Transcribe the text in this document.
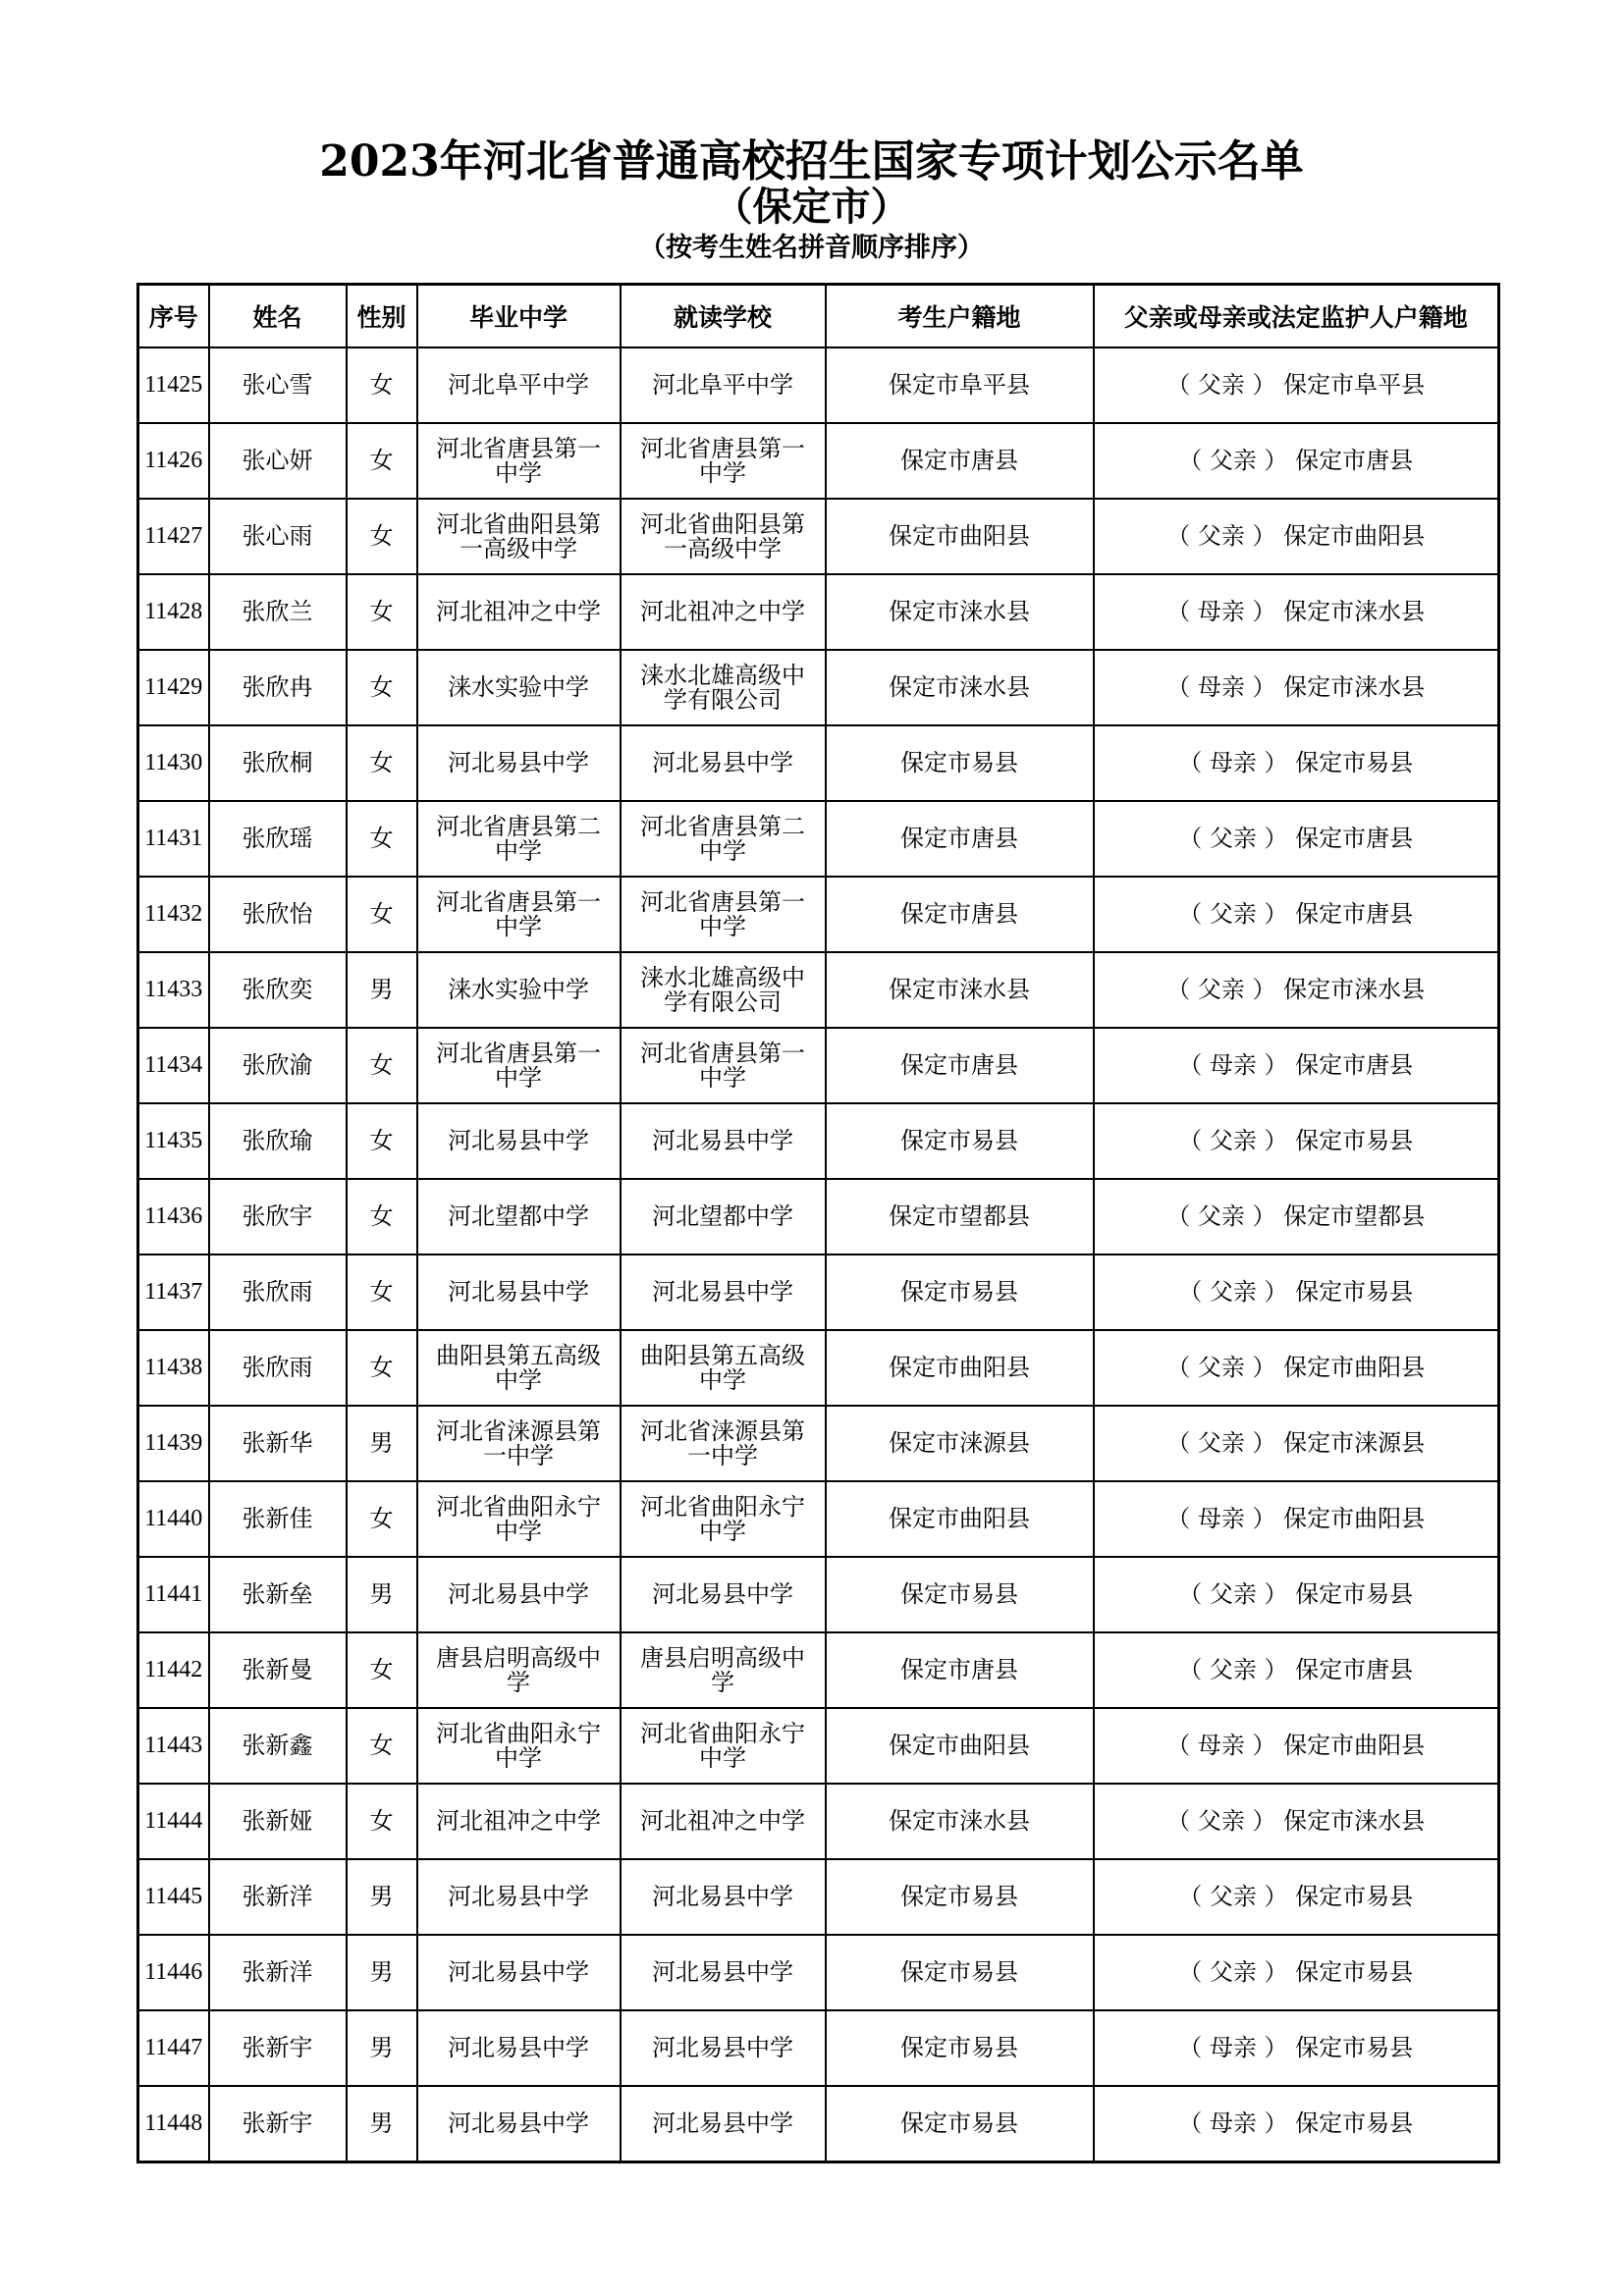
2023年河北省普通高校招生国家专项计划公示名单
（保定市）
（按考生姓名拼音顺序排序）
序号	姓名	性别	毕业中学	就读学校	考生户籍地	父亲或母亲或法定监护人户籍地
11425	张心雪	女	河北阜平中学	河北阜平中学	保定市阜平县	（ 父亲 ） 保定市阜平县
11426	张心妍	女	河北省唐县第一中学	河北省唐县第一中学	保定市唐县	（ 父亲 ） 保定市唐县
11427	张心雨	女	河北省曲阳县第一高级中学	河北省曲阳县第一高级中学	保定市曲阳县	（ 父亲 ） 保定市曲阳县
11428	张欣兰	女	河北祖冲之中学	河北祖冲之中学	保定市涞水县	（ 母亲 ） 保定市涞水县
11429	张欣冉	女	涞水实验中学	涞水北雄高级中学有限公司	保定市涞水县	（ 母亲 ） 保定市涞水县
11430	张欣桐	女	河北易县中学	河北易县中学	保定市易县	（ 母亲 ） 保定市易县
11431	张欣瑶	女	河北省唐县第二中学	河北省唐县第二中学	保定市唐县	（ 父亲 ） 保定市唐县
11432	张欣怡	女	河北省唐县第一中学	河北省唐县第一中学	保定市唐县	（ 父亲 ） 保定市唐县
11433	张欣奕	男	涞水实验中学	涞水北雄高级中学有限公司	保定市涞水县	（ 父亲 ） 保定市涞水县
11434	张欣渝	女	河北省唐县第一中学	河北省唐县第一中学	保定市唐县	（ 母亲 ） 保定市唐县
11435	张欣瑜	女	河北易县中学	河北易县中学	保定市易县	（ 父亲 ） 保定市易县
11436	张欣宇	女	河北望都中学	河北望都中学	保定市望都县	（ 父亲 ） 保定市望都县
11437	张欣雨	女	河北易县中学	河北易县中学	保定市易县	（ 父亲 ） 保定市易县
11438	张欣雨	女	曲阳县第五高级中学	曲阳县第五高级中学	保定市曲阳县	（ 父亲 ） 保定市曲阳县
11439	张新华	男	河北省涞源县第一中学	河北省涞源县第一中学	保定市涞源县	（ 父亲 ） 保定市涞源县
11440	张新佳	女	河北省曲阳永宁中学	河北省曲阳永宁中学	保定市曲阳县	（ 母亲 ） 保定市曲阳县
11441	张新垒	男	河北易县中学	河北易县中学	保定市易县	（ 父亲 ） 保定市易县
11442	张新曼	女	唐县启明高级中学	唐县启明高级中学	保定市唐县	（ 父亲 ） 保定市唐县
11443	张新鑫	女	河北省曲阳永宁中学	河北省曲阳永宁中学	保定市曲阳县	（ 母亲 ） 保定市曲阳县
11444	张新娅	女	河北祖冲之中学	河北祖冲之中学	保定市涞水县	（ 父亲 ） 保定市涞水县
11445	张新洋	男	河北易县中学	河北易县中学	保定市易县	（ 父亲 ） 保定市易县
11446	张新洋	男	河北易县中学	河北易县中学	保定市易县	（ 父亲 ） 保定市易县
11447	张新宇	男	河北易县中学	河北易县中学	保定市易县	（ 母亲 ） 保定市易县
11448	张新宇	男	河北易县中学	河北易县中学	保定市易县	（ 母亲 ） 保定市易县
